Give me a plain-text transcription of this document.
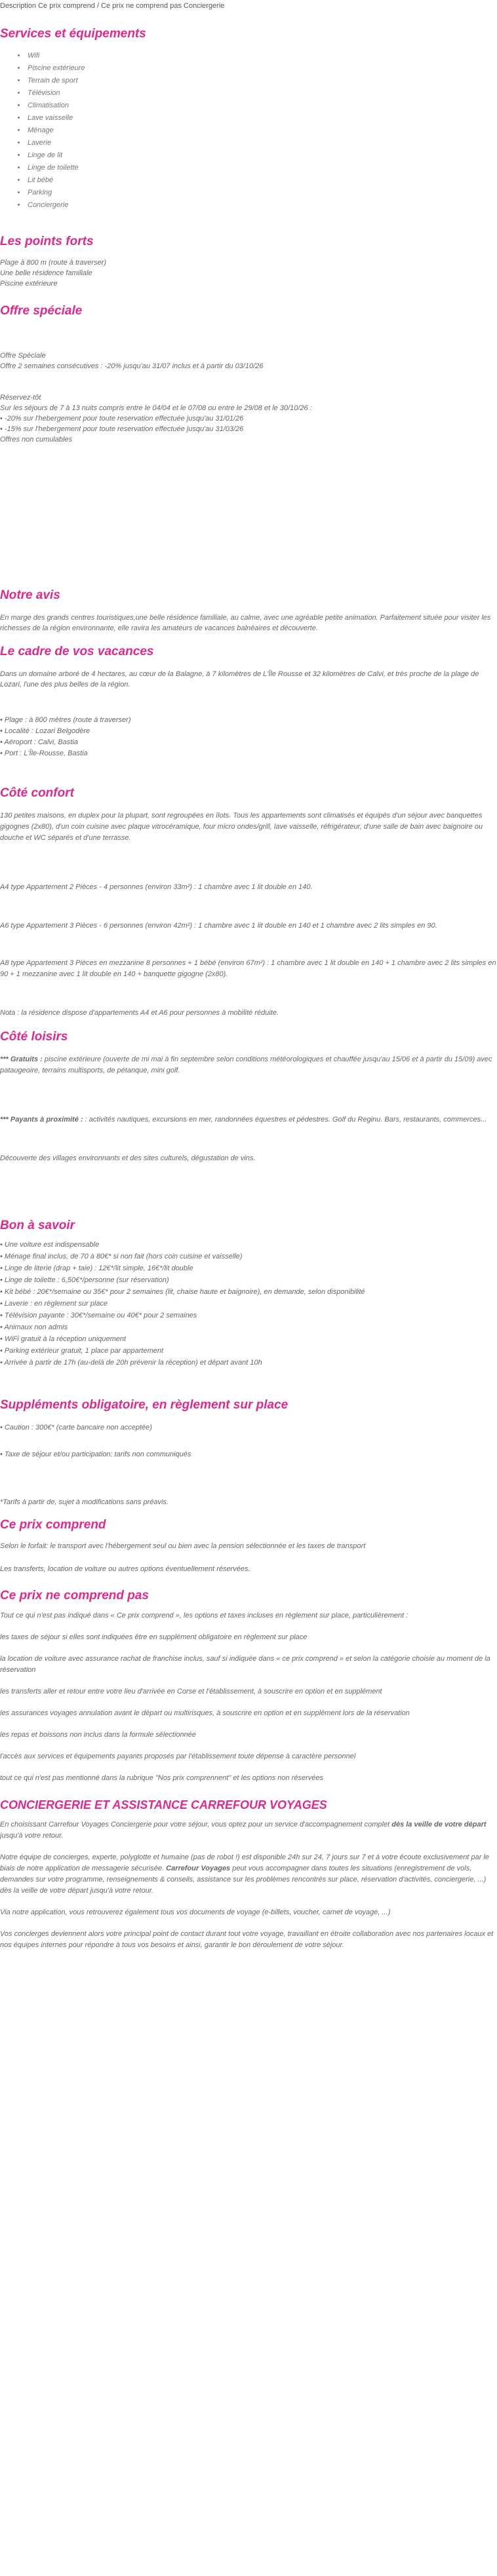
Description Ce prix comprend / Ce prix ne comprend pas Conciergerie
Services et équipements
• Wifi
• Piscine extérieure
• Terrain de sport
• Télévision
• Climatisation
• Lave vaisselle
• Ménage
• Laverie
• Linge de lit
• Linge de toilette
• Lit bébé
• Parking
• Conciergerie
Les points forts

Plage à 800 m (route à traverser)

Une belle résidence familiale

Piscine extérieure

Offre spéciale

Offre Spéciale

Offre 2 semaines consécutives : -20% jusqu'au 31/07 inclus et à partir du 03/10/26

Réservez-tôt

Sur les séjours de 7 à 13 nuits compris entre le 04/04 et le 07/08 ou entre le 29/08 et le 30/10/26 :

• -20% sur l'hebergement pour toute reservation effectuée jusqu'au 31/01/26

• -15% sur l'hebergement pour toute reservation effectuée jusqu'au 31/03/26

Offres non cumulables

Notre avis

En marge des grands centres touristiques,une belle résidence familiale, au calme, avec une agréable petite animation. Parfaitement située pour visiter les richesses de la région environnante, elle ravira les amateurs de vacances balnéaires et découverte.

Le cadre de vos vacances

Dans un domaine arboré de 4 hectares, au cœur de la Balagne, à 7 kilomètres de L'Île Rousse et 32 kilomètres de Calvi, et très proche de la plage de Lozari, l'une des plus belles de la région.

• Plage : à 800 mètres (route à traverser)

• Localité : Lozari Belgodère

• Aéroport : Calvi, Bastia

• Port : L'Île-Rousse, Bastia

Côté confort

130 petites maisons, en duplex pour la plupart, sont regroupées en îlots. Tous les appartements sont climatisés et équipés d'un séjour avec banquettes gigognes (2x80), d'un coin cuisine avec plaque vitrocéramique, four micro ondes/grill, lave vaisselle, réfrigérateur, d'une salle de bain avec baignoire ou douche et WC séparés et d'une terrasse.

A4 type Appartement 2 Pièces - 4 personnes (environ 33m²) : 1 chambre avec 1 lit double en 140.

A6 type Appartement 3 Pièces - 6 personnes (environ 42m²) : 1 chambre avec 1 lit double en 140 et 1 chambre avec 2 lits simples en 90.

A8 type Appartement 3 Pièces en mezzanine 8 personnes + 1 bébé (environ 67m²) : 1 chambre avec 1 lit double en 140 + 1 chambre avec 2 lits simples en 90 + 1 mezzanine avec 1 lit double en 140 + banquette gigogne (2x80).

Nota : la résidence dispose d'appartements A4 et A6 pour personnes à mobilité réduite.

Côté loisirs

*** Gratuits : piscine extérieure (ouverte de mi mai à fin septembre selon conditions météorologiques et chauffée jusqu'au 15/06 et à partir du 15/09) avec pataugeoire, terrains multisports, de pétanque, mini golf.

*** Payants à proximité : : activités nautiques, excursions en mer, randonnées équestres et pédestres. Golf du Reginu. Bars, restaurants, commerces...

Découverte des villages environnants et des sites culturels, dégustation de vins.

Bon à savoir

• Une voiture est indispensable

• Ménage final inclus, de 70 à 80€* si non fait (hors coin cuisine et vaisselle)

• Linge de literie (drap + taie) : 12€*/lit simple, 16€*/lit double

• Linge de toilette : 6,50€*/personne (sur réservation)

• Kit bébé : 20€*/semaine ou 35€* pour 2 semaines (lit, chaise haute et baignoire), en demande, selon disponibilité

• Laverie : en règlement sur place

• Télévision payante : 30€*/semaine ou 40€* pour 2 semaines

• Animaux non admis

• WiFi gratuit à la réception uniquement

• Parking extérieur gratuit, 1 place par appartement

• Arrivée à partir de 17h (au-delà de 20h prévenir la réception) et départ avant 10h

Suppléments obligatoire, en règlement sur place

• Caution : 300€* (carte bancaire non acceptée)

• Taxe de séjour et/ou participation: tarifs non communiqués

*Tarifs à partir de, sujet à modifications sans préavis.

Ce prix comprend

Selon le forfait: le transport avec l'hébergement seul ou bien avec la pension sélectionnée et les taxes de transport

Les transferts, location de voiture ou autres options éventuellement réservées.

Ce prix ne comprend pas

Tout ce qui n'est pas indiqué dans « Ce prix comprend », les options et taxes incluses en règlement sur place, particulièrement :

les taxes de séjour si elles sont indiquées être en supplément obligatoire en règlement sur place

la location de voiture avec assurance rachat de franchise inclus, sauf si indiquée dans « ce prix comprend » et selon la catégorie choisie au moment de la réservation

les transferts aller et retour entre votre lieu d'arrivée en Corse et l'établissement, à souscrire en option et en supplément

les assurances voyages annulation avant le départ ou multirisques, à souscrire en option et en supplément lors de la réservation

les repas et boissons non inclus dans la formule sélectionnée

l'accès aux services et équipements payants proposés par l'établissement toute dépense à caractère personnel

tout ce qui n'est pas mentionné dans la rubrique "Nos prix comprennent" et les options non réservées

CONCIERGERIE ET ASSISTANCE CARREFOUR VOYAGES

En choisissant Carrefour Voyages Conciergerie pour votre séjour, vous optez pour un service d'accompagnement complet dès la veille de votre départ jusqu'à votre retour.

Notre équipe de concierges, experte, polyglotte et humaine (pas de robot !) est disponible 24h sur 24, 7 jours sur 7 et à votre écoute exclusivement par le biais de notre application de messagerie sécurisée. Carrefour Voyages peut vous accompagner dans toutes les situations (enregistrement de vols, demandes sur votre programme, renseignements & conseils, assistance sur les problèmes rencontrés sur place, réservation d'activités, conciergerie, ...) dès la veille de votre départ jusqu'à votre retour.

Via notre application, vous retrouverez également tous vos documents de voyage (e-billets, voucher, carnet de voyage, ...)

Vos concierges deviennent alors votre principal point de contact durant tout votre voyage, travaillant en étroite collaboration avec nos partenaires locaux et nos équipes internes pour répondre à tous vos besoins et ainsi, garantir le bon déroulement de votre séjour.
